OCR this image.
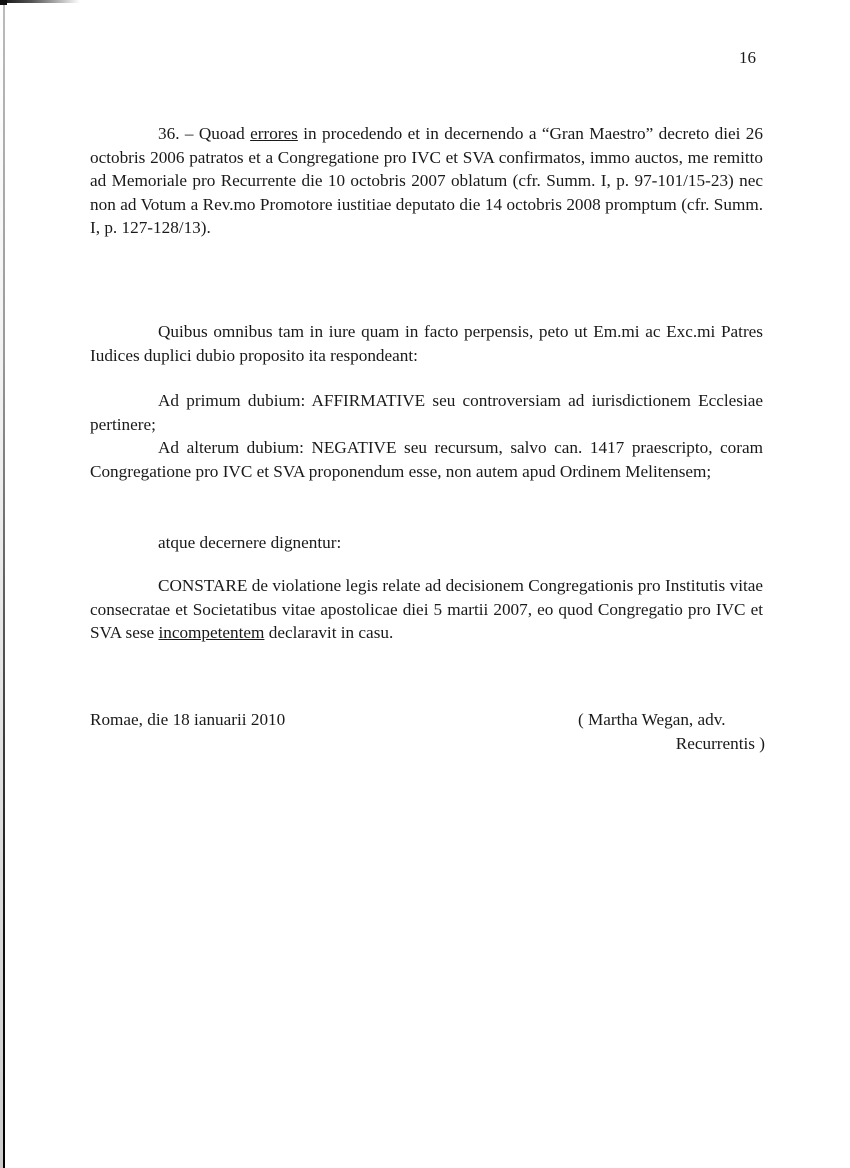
16

36. – Quoad errores in procedendo et in decernendo a “Gran Maestro” decreto diei 26 octobris 2006 patratos et a Congregatione pro IVC et SVA confirmatos, immo auctos, me remitto ad Memoriale pro Recurrente die 10 octobris 2007 oblatum (cfr. Summ. I, p. 97-101/15-23) nec non ad Votum a Rev.mo Promotore iustitiae deputato die 14 octobris 2008 promptum (cfr. Summ. I, p. 127-128/13).

Quibus omnibus tam in iure quam in facto perpensis, peto ut Em.mi ac Exc.mi Patres Iudices duplici dubio proposito ita respondeant:

Ad primum dubium: AFFIRMATIVE seu controversiam ad iurisdictionem Ecclesiae pertinere;

Ad alterum dubium: NEGATIVE seu recursum, salvo can. 1417 praescripto, coram Congregatione pro IVC et SVA proponendum esse, non autem apud Ordinem Melitensem;

atque decernere dignentur:

CONSTARE de violatione legis relate ad decisionem Congregationis pro Institutis vitae consecratae et Societatibus vitae apostolicae diei 5 martii 2007, eo quod Congregatio pro IVC et SVA sese incompetentem declaravit in casu.

Romae, die 18 ianuarii 2010	( Martha Wegan, adv.
Recurrentis )
